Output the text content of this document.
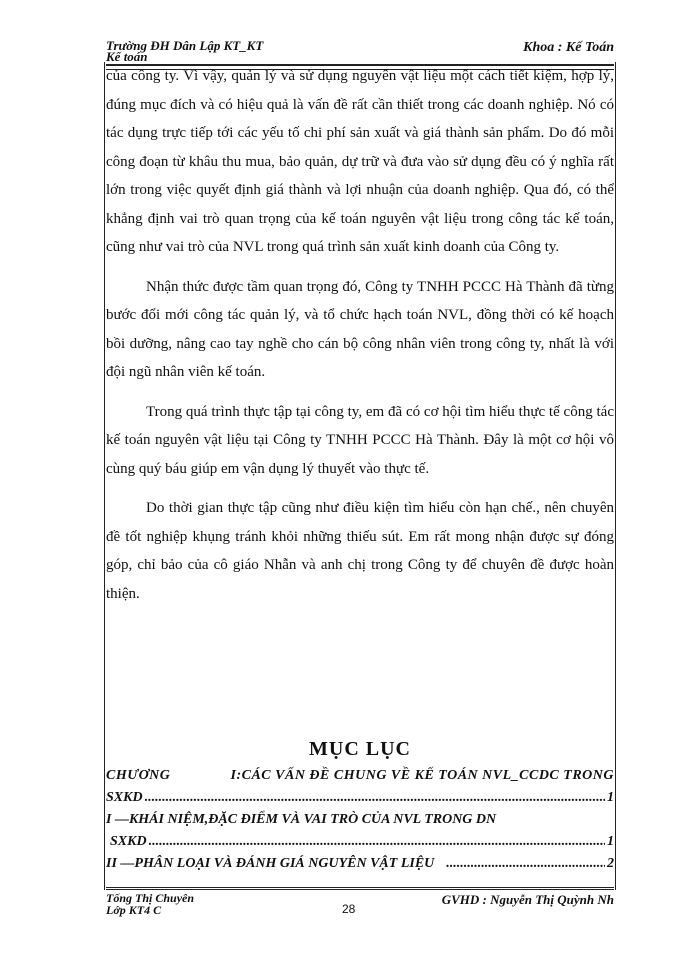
Trường ĐH Dân Lập KT_KT
Kế toán
Khoa : Kế Toán

của công ty. Vì vậy, quản lý và sử dụng nguyên vật liệu một cách tiết kiệm, hợp lý, đúng mục đích và có hiệu quả là vấn đề rất cần thiết trong các doanh nghiệp. Nó có tác dụng trực tiếp tới các yếu tố chi phí sản xuất và giá thành sản phẩm. Do đó mỗi công đoạn từ khâu thu mua, bảo quản, dự trữ và đưa vào sử dụng đều có ý nghĩa rất lớn trong việc quyết định giá thành và lợi nhuận của doanh nghiệp. Qua đó, có thể khẳng định vai trò quan trọng của kế toán nguyên vật liệu trong công tác kế toán, cũng như vai trò của NVL trong quá trình sản xuất kinh doanh của Công ty.

Nhận thức được tầm quan trọng đó, Công ty TNHH PCCC Hà Thành đã từng bước đổi mới công tác quản lý, và tổ chức hạch toán NVL, đồng thời có kế hoạch bồi dưỡng, nâng cao tay nghề cho cán bộ công nhân viên trong công ty, nhất là với đội ngũ nhân viên kế toán.

Trong quá trình thực tập tại công ty, em đã có cơ hội tìm hiểu thực tế công tác kế toán nguyên vật liệu tại Công ty TNHH PCCC Hà Thành. Đây là một cơ hội vô cùng quý báu giúp em vận dụng lý thuyết vào thực tế.

Do thời gian thực tập cũng như điều kiện tìm hiểu còn hạn chế., nên chuyên đề tốt nghiệp khụng tránh khỏi những thiếu sút. Em rất mong nhận được sự đóng góp, chỉ bảo của cô giáo Nhẫn và anh chị trong Công ty để chuyên đề được hoàn thiện.

MỤC LỤC
CHƯƠNG	I:CÁC VẤN ĐỀ CHUNG VỀ KẾ TOÁN NVL_CCDC TRONG
SXKD .....	1
I —KHÁI NIỆM,ĐẶC ĐIỂM VÀ VAI TRÒ CỦA NVL TRONG DN
SXKD .....	1
II —PHÂN LOẠI VÀ ĐÁNH GIÁ NGUYÊN VẬT LIỆU .....	2
Tống Thị Chuyên
Lớp KT4 C	28
GVHD : Nguyễn Thị Quỳnh Nh
